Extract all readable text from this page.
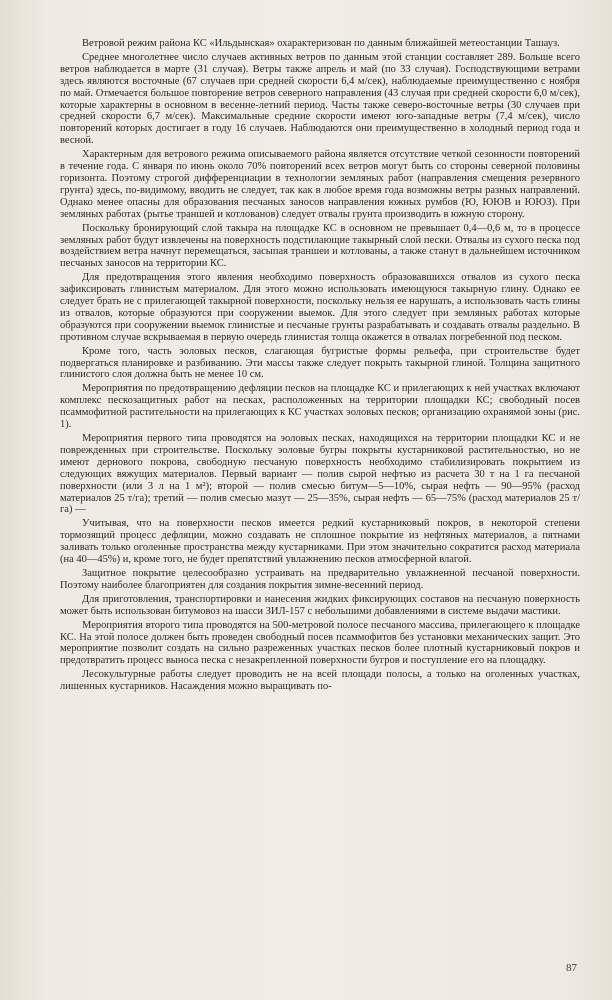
Ветровой режим района КС «Ильдынская» охарактеризован по данным ближайшей метеостанции Ташауз.

Среднее многолетнее число случаев активных ветров по данным этой станции составляет 289. Больше всего ветров наблюдается в марте (31 случая). Ветры также апрель и май (по 33 случая). Господствующими ветрами здесь являются восточные (67 случаев при средней скорости 6,4 м/сек), наблюдаемые преимущественно с ноября по май. Отмечается большое повторение ветров северного направления (43 случая при средней скорости 6,0 м/сек), которые характерны в основном в весенне-летний период. Часты также северо-восточные ветры (30 случаев при средней скорости 6,7 м/сек). Максимальные средние скорости имеют юго-западные ветры (7,4 м/сек), число повторений которых достигает в году 16 случаев. Наблюдаются они преимущественно в холодный период года и весной.

Характерным для ветрового режима описываемого района является отсутствие четкой сезонности повторений в течение года. С января по июнь около 70% повторений всех ветров могут быть со стороны северной половины горизонта. Поэтому строгой дифференциации в технологии земляных работ (направления смещения резервного грунта) здесь, по-видимому, вводить не следует, так как в любое время года возможны ветры разных направлений. Однако менее опасны для образования песчаных заносов направления южных румбов (Ю, ЮЮВ и ЮЮЗ). При земляных работах (рытье траншей и котлованов) следует отвалы грунта производить в южную сторону.

Поскольку бронирующий слой такыра на площадке КС в основном не превышает 0,4—0,6 м, то в процессе земляных работ будут извлечены на поверхность подстилающие такырный слой пески. Отвалы из сухого песка под воздействием ветра начнут перемещаться, засыпая траншеи и котлованы, а также станут в дальнейшем источником песчаных заносов на территории КС.

Для предотвращения этого явления необходимо поверхность образовавшихся отвалов из сухого песка зафиксировать глинистым материалом. Для этого можно использовать имеющуюся такырную глину. Однако ее следует брать не с прилегающей такырной поверхности, поскольку нельзя ее нарушать, а использовать часть глины из отвалов, которые образуются при сооружении выемок. Для этого следует при земляных работах которые образуются при сооружении выемок глинистые и песчаные грунты разрабатывать и создавать отвалы раздельно. В противном случае вскрываемая в первую очередь глинистая толща окажется в отвалах погребенной под песком.

Кроме того, часть эоловых песков, слагающая бугристые формы рельефа, при строительстве будет подвергаться планировке и разбиванию. Эти массы также следует покрыть такырной глиной. Толщина защитного глинистого слоя должна быть не менее 10 см.

Мероприятия по предотвращению дефляции песков на площадке КС и прилегающих к ней участках включают комплекс пескозащитных работ на песках, расположенных на территории площадки КС; свободный посев псаммофитной растительности на прилегающих к КС участках эоловых песков; организацию охранямой зоны (рис. 1).

Мероприятия первого типа проводятся на эоловых песках, находящихся на территории площадки КС и не поврежденных при строительстве. Поскольку эоловые бугры покрыты кустарниковой растительностью, но не имеют дернового покрова, свободную песчаную поверхность необходимо стабилизировать покрытием из следующих вяжущих материалов. Первый вариант — полив сырой нефтью из расчета 30 т на 1 га песчаной поверхности (или 3 л на 1 м²); второй — полив смесью битум—5—10%, сырая нефть — 90—95% (расход материалов 25 т/га); третий — полив смесью мазут — 25—35%, сырая нефть — 65—75% (расход материалов 25 т/га) —

Учитывая, что на поверхности песков имеется редкий кустарниковый покров, в некоторой степени тормозящий процесс дефляции, можно создавать не сплошное покрытие из нефтяных материалов, а пятнами заливать только оголенные пространства между кустарниками. При этом значительно сократится расход материала (на 40—45%) и, кроме того, не будет препятствий увлажнению песков атмосферной влагой.

Защитное покрытие целесообразно устраивать на предварительно увлажненной песчаной поверхности. Поэтому наиболее благоприятен для создания покрытия зимне-весенний период.

Для приготовления, транспортировки и нанесения жидких фиксирующих составов на песчаную поверхность может быть использован битумовоз на шасси ЗИЛ-157 с небольшими добавлениями в системе выдачи мастики.

Мероприятия второго типа проводятся на 500-метровой полосе песчаного массива, прилегающего к площадке КС. На этой полосе должен быть проведен свободный посев псаммофитов без установки механических защит. Это мероприятие позволит создать на сильно разреженных участках песков более плотный кустарниковый покров и предотвратить процесс выноса песка с незакрепленной поверхности бугров и поступление его на площадку.

Лесокультурные работы следует проводить не на всей площади полосы, а только на оголенных участках, лишенных кустарников. Насаждения можно выращивать по-

87
